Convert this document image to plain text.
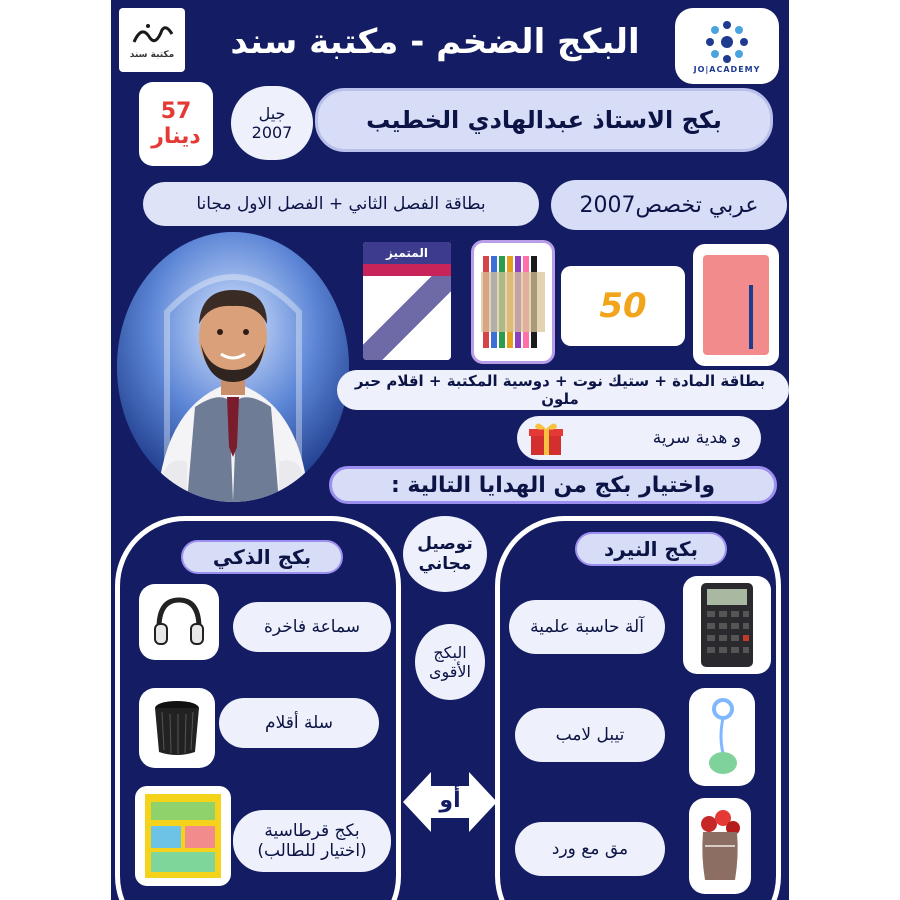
مكتبة سند
JO|ACADEMY
البكج الضخم - مكتبة سند
57
دينار
جيل
2007	بكج الاستاذ عبدالهادي الخطيب
عربي تخصص2007
بطاقة الفصل الثاني + الفصل الاول مجانا
المتميز
50
بطاقة المادة + ستيك نوت + دوسية المكتبة + اقلام حبر ملون
و هدية سرية
واختيار بكج من الهدايا التالية :
بكج الذكي
سماعة فاخرة
سلة أقلام
بكج قرطاسية
(اختيار للطالب)
بكج النيرد
آلة حاسبة علمية
تيبل لامب
مق مع ورد
توصيل مجاني
البكج الأقوى
أو
